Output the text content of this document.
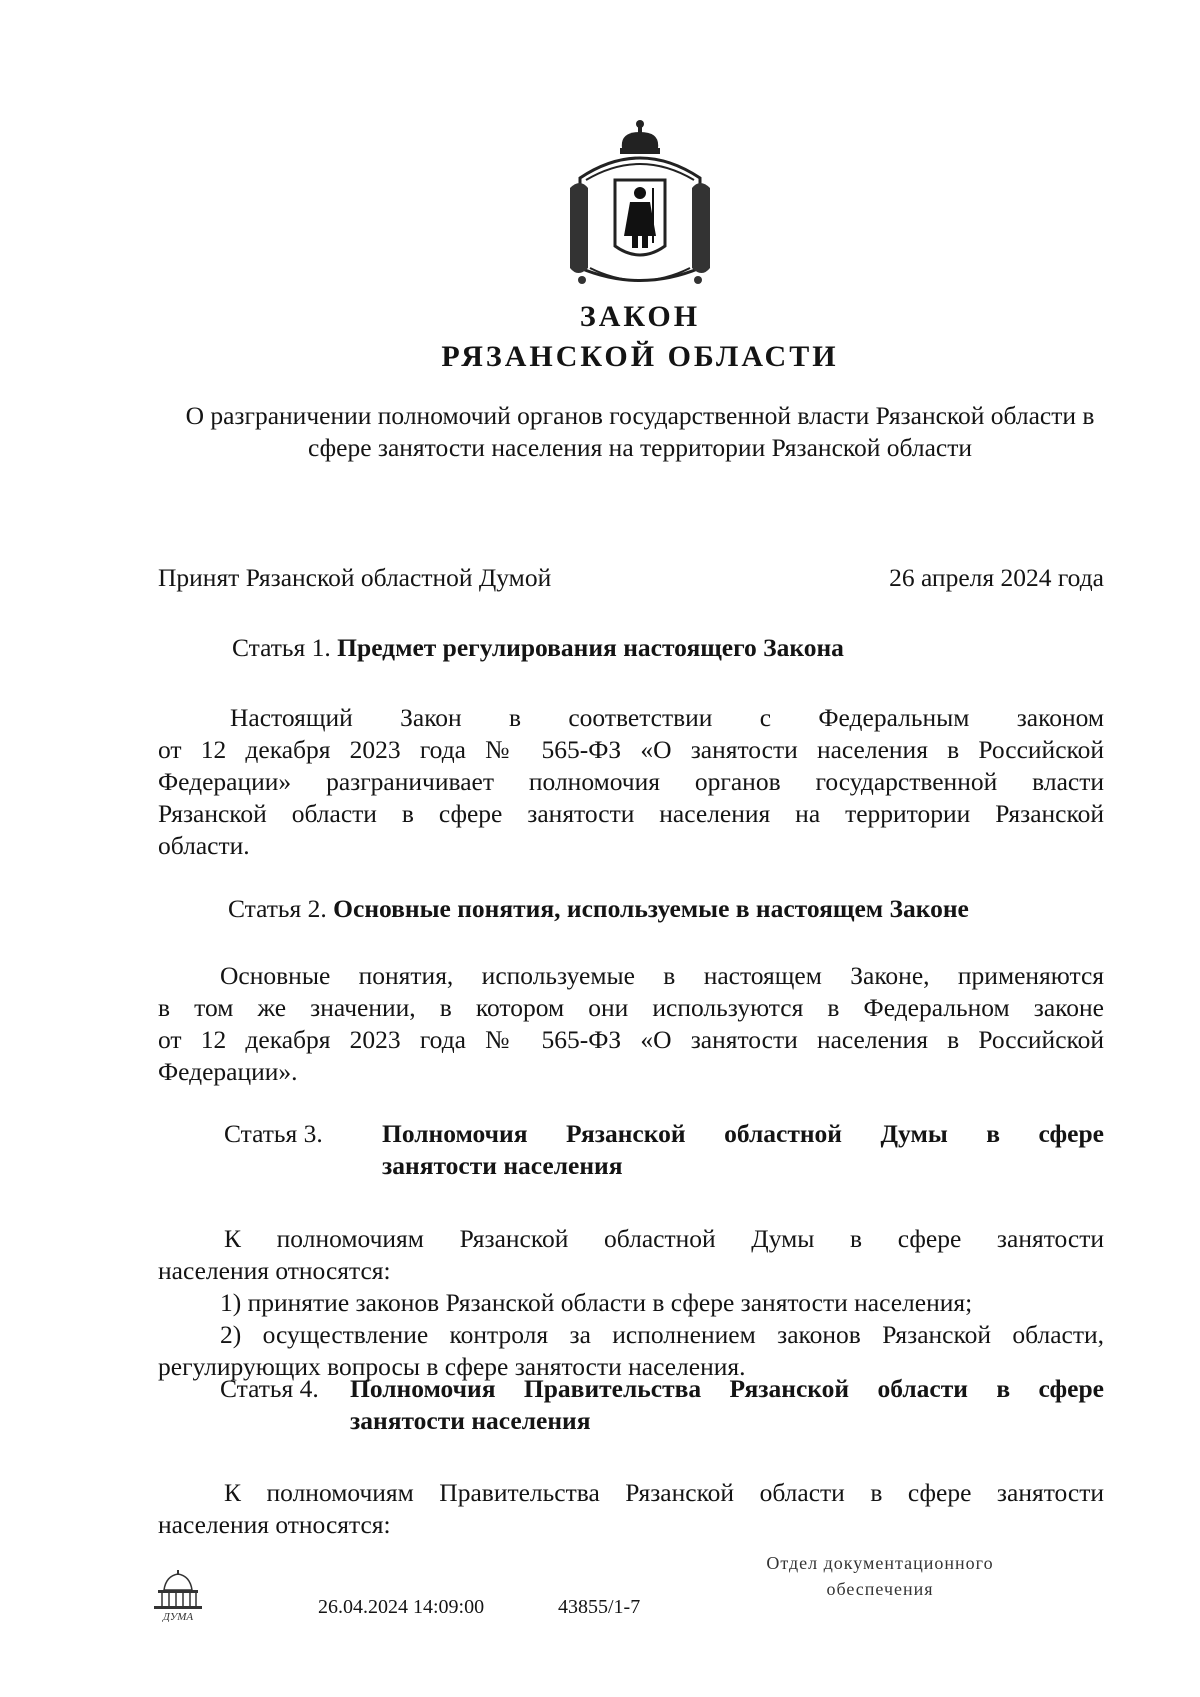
ЗАКОН
РЯЗАНСКОЙ ОБЛАСТИ
О разграничении полномочий органов государственной власти Рязанской области в сфере занятости населения на территории Рязанской области
Принят Рязанской областной Думой	26 апреля 2024 года
Статья 1. Предмет регулирования настоящего Закона
Настоящий Закон в соответствии с Федеральным законом
от 12 декабря 2023 года № 565-ФЗ «О занятости населения в Российской
Федерации» разграничивает полномочия органов государственной власти
Рязанской области в сфере занятости населения на территории Рязанской
области.
Статья 2. Основные понятия, используемые в настоящем Законе
Основные понятия, используемые в настоящем Законе, применяются
в том же значении, в котором они используются в Федеральном законе
от 12 декабря 2023 года № 565-ФЗ «О занятости населения в Российской
Федерации».
Статья 3. Полномочия Рязанской областной Думы в сфере
занятости населения
К полномочиям Рязанской областной Думы в сфере занятости
населения относятся:
1) принятие законов Рязанской области в сфере занятости населения;
2) осуществление контроля за исполнением законов Рязанской области,
регулирующих вопросы в сфере занятости населения.
Статья 4. Полномочия Правительства Рязанской области в сфере
занятости населения
К полномочиям Правительства Рязанской области в сфере занятости
населения относятся:
ДУМА	26.04.2024 14:09:00	43855/1-7
Отдел документационного
обеспечения
